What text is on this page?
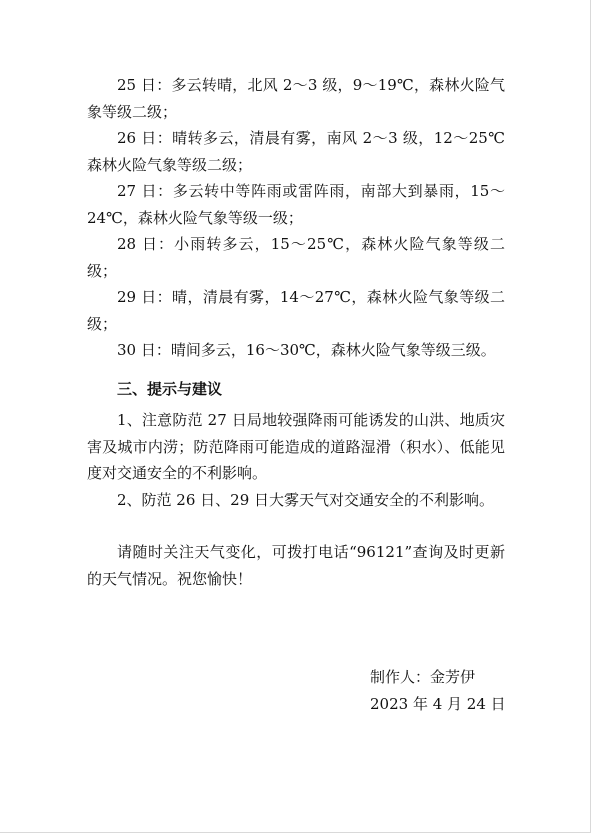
25 日：多云转晴，北风 2～3 级，9～19℃，森林火险气象等级二级；

26 日：晴转多云，清晨有雾，南风 2～3 级，12～25℃森林火险气象等级二级；

27 日：多云转中等阵雨或雷阵雨，南部大到暴雨，15～24℃，森林火险气象等级一级；

28 日：小雨转多云，15～25℃，森林火险气象等级二级；

29 日：晴，清晨有雾，14～27℃，森林火险气象等级二级；

30 日：晴间多云，16～30℃，森林火险气象等级三级。

三、提示与建议

1、注意防范 27 日局地较强降雨可能诱发的山洪、地质灾害及城市内涝；防范降雨可能造成的道路湿滑（积水）、低能见度对交通安全的不利影响。

2、防范 26 日、29 日大雾天气对交通安全的不利影响。

请随时关注天气变化，可拨打电话“96121”查询及时更新的天气情况。祝您愉快！

制作人：金芳伊
2023 年 4 月 24 日
